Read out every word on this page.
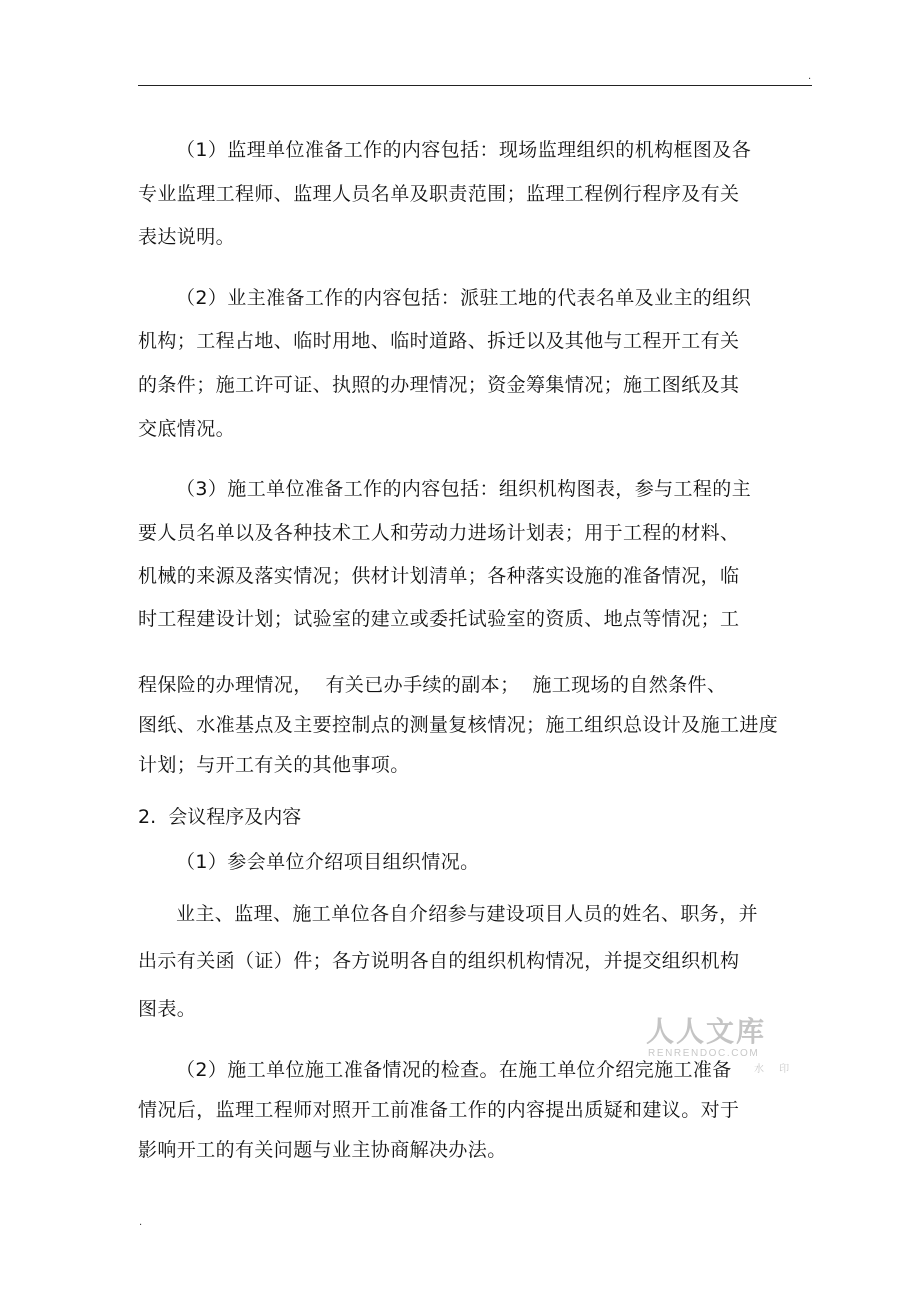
.
（1）监理单位准备工作的内容包括：现场监理组织的机构框图及各
专业监理工程师、监理人员名单及职责范围；监理工程例行程序及有关
表达说明。
（2）业主准备工作的内容包括：派驻工地的代表名单及业主的组织
机构；工程占地、临时用地、临时道路、拆迁以及其他与工程开工有关
的条件；施工许可证、执照的办理情况；资金筹集情况；施工图纸及其
交底情况。
（3）施工单位准备工作的内容包括：组织机构图表，参与工程的主
要人员名单以及各种技术工人和劳动力进场计划表；用于工程的材料、
机械的来源及落实情况；供材计划清单；各种落实设施的准备情况，临
时工程建设计划；试验室的建立或委托试验室的资质、地点等情况；工
程保险的办理情况，  有关已办手续的副本；  施工现场的自然条件、
图纸、水准基点及主要控制点的测量复核情况；施工组织总设计及施工进度
计划；与开工有关的其他事项。
2.  会议程序及内容
（1）参会单位介绍项目组织情况。
业主、监理、施工单位各自介绍参与建设项目人员的姓名、职务，并
出示有关函（证）件；各方说明各自的组织机构情况，并提交组织机构
图表。
（2）施工单位施工准备情况的检查。在施工单位介绍完施工准备
情况后，监理工程师对照开工前准备工作的内容提出质疑和建议。对于
影响开工的有关问题与业主协商解决办法。
人人文库
RENRENDOC.COM
水 印
.
